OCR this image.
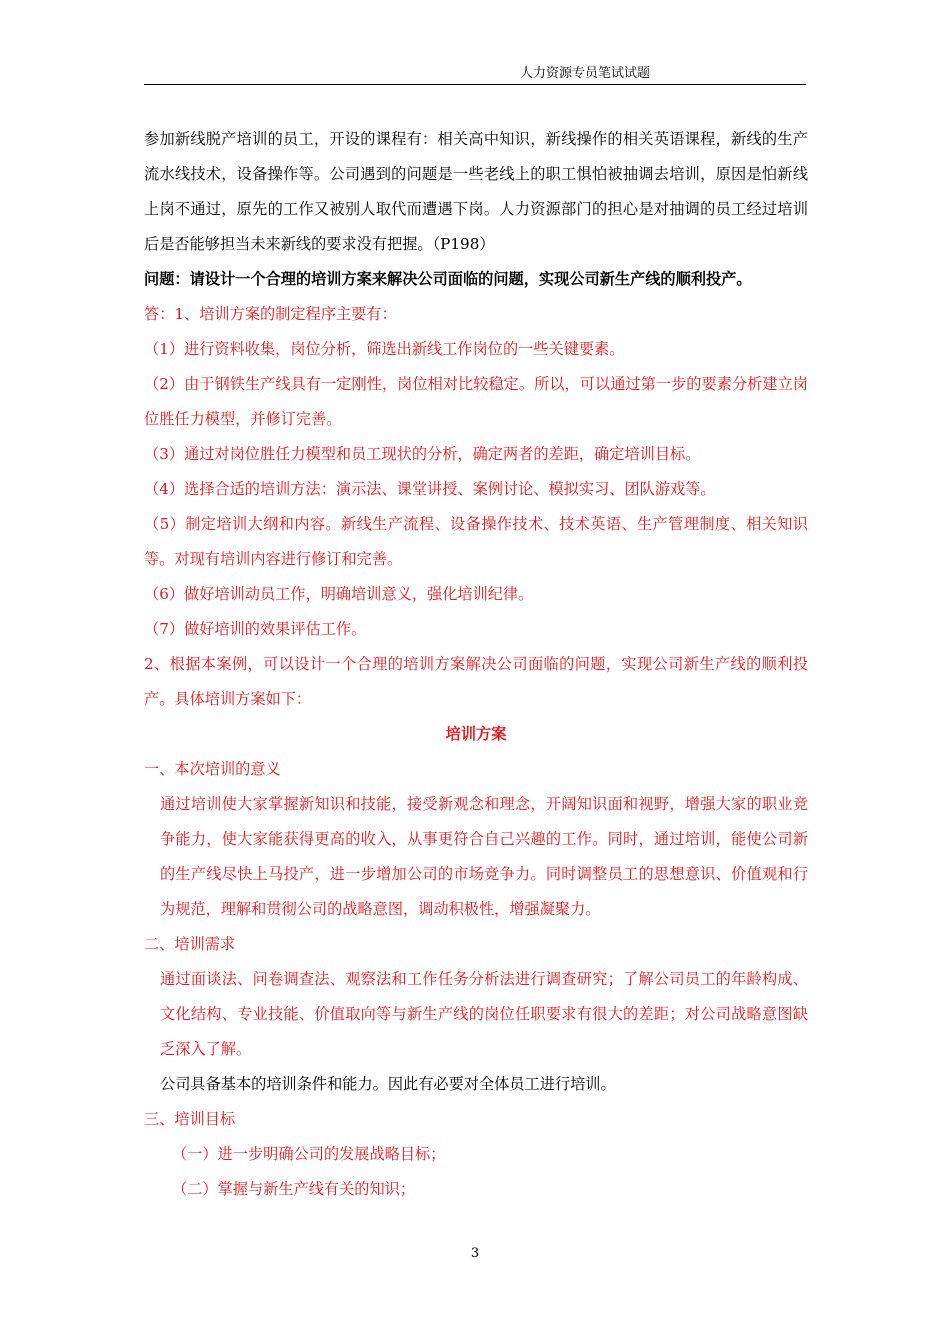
人力资源专员笔试试题

参加新线脱产培训的员工，开设的课程有：相关高中知识，新线操作的相关英语课程，新线的生产流水线技术，设备操作等。公司遇到的问题是一些老线上的职工惧怕被抽调去培训，原因是怕新线上岗不通过，原先的工作又被别人取代而遭遇下岗。人力资源部门的担心是对抽调的员工经过培训后是否能够担当未来新线的要求没有把握。（P198）

问题：请设计一个合理的培训方案来解决公司面临的问题，实现公司新生产线的顺利投产。

答：1、培训方案的制定程序主要有：

（1）进行资料收集，岗位分析，筛选出新线工作岗位的一些关键要素。

（2）由于钢铁生产线具有一定刚性，岗位相对比较稳定。所以，可以通过第一步的要素分析建立岗位胜任力模型，并修订完善。

（3）通过对岗位胜任力模型和员工现状的分析，确定两者的差距，确定培训目标。

（4）选择合适的培训方法：演示法、课堂讲授、案例讨论、模拟实习、团队游戏等。

（5）制定培训大纲和内容。新线生产流程、设备操作技术、技术英语、生产管理制度、相关知识等。对现有培训内容进行修订和完善。

（6）做好培训动员工作，明确培训意义，强化培训纪律。

（7）做好培训的效果评估工作。

2、根据本案例，可以设计一个合理的培训方案解决公司面临的问题，实现公司新生产线的顺利投产。具体培训方案如下：

培训方案

一、本次培训的意义

通过培训使大家掌握新知识和技能，接受新观念和理念，开阔知识面和视野，增强大家的职业竞争能力，使大家能获得更高的收入，从事更符合自己兴趣的工作。同时，通过培训，能使公司新的生产线尽快上马投产，进一步增加公司的市场竞争力。同时调整员工的思想意识、价值观和行为规范，理解和贯彻公司的战略意图，调动积极性，增强凝聚力。

二、培训需求

通过面谈法、问卷调查法、观察法和工作任务分析法进行调查研究；了解公司员工的年龄构成、文化结构、专业技能、价值取向等与新生产线的岗位任职要求有很大的差距；对公司战略意图缺乏深入了解。

公司具备基本的培训条件和能力。因此有必要对全体员工进行培训。

三、培训目标

（一）进一步明确公司的发展战略目标；

（二）掌握与新生产线有关的知识；

3
